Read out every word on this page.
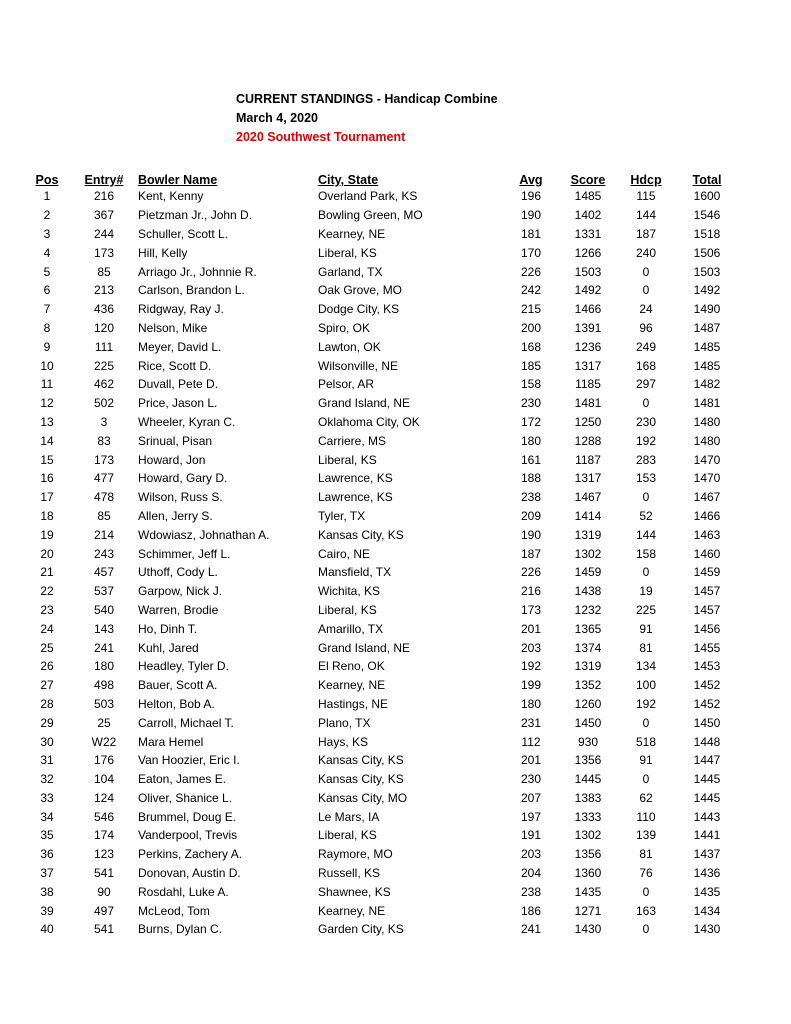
CURRENT STANDINGS - Handicap Combine
March 4, 2020
2020 Southwest Tournament
Pos	Entry#	Bowler Name	City, State	Avg	Score	Hdcp	Total
1	216	Kent, Kenny	Overland Park, KS	196	1485	115	1600
2	367	Pietzman Jr., John D.	Bowling Green, MO	190	1402	144	1546
3	244	Schuller, Scott L.	Kearney, NE	181	1331	187	1518
4	173	Hill, Kelly	Liberal, KS	170	1266	240	1506
5	85	Arriago Jr., Johnnie R.	Garland, TX	226	1503	0	1503
6	213	Carlson, Brandon L.	Oak Grove, MO	242	1492	0	1492
7	436	Ridgway, Ray J.	Dodge City, KS	215	1466	24	1490
8	120	Nelson, Mike	Spiro, OK	200	1391	96	1487
9	111	Meyer, David L.	Lawton, OK	168	1236	249	1485
10	225	Rice, Scott D.	Wilsonville, NE	185	1317	168	1485
11	462	Duvall, Pete D.	Pelsor, AR	158	1185	297	1482
12	502	Price, Jason L.	Grand Island, NE	230	1481	0	1481
13	3	Wheeler, Kyran C.	Oklahoma City, OK	172	1250	230	1480
14	83	Srinual, Pisan	Carriere, MS	180	1288	192	1480
15	173	Howard, Jon	Liberal, KS	161	1187	283	1470
16	477	Howard, Gary D.	Lawrence, KS	188	1317	153	1470
17	478	Wilson, Russ S.	Lawrence, KS	238	1467	0	1467
18	85	Allen, Jerry S.	Tyler, TX	209	1414	52	1466
19	214	Wdowiasz, Johnathan A.	Kansas City, KS	190	1319	144	1463
20	243	Schimmer, Jeff L.	Cairo, NE	187	1302	158	1460
21	457	Uthoff, Cody L.	Mansfield, TX	226	1459	0	1459
22	537	Garpow, Nick J.	Wichita, KS	216	1438	19	1457
23	540	Warren, Brodie	Liberal, KS	173	1232	225	1457
24	143	Ho, Dinh T.	Amarillo, TX	201	1365	91	1456
25	241	Kuhl, Jared	Grand Island, NE	203	1374	81	1455
26	180	Headley, Tyler D.	El Reno, OK	192	1319	134	1453
27	498	Bauer, Scott A.	Kearney, NE	199	1352	100	1452
28	503	Helton, Bob A.	Hastings, NE	180	1260	192	1452
29	25	Carroll, Michael T.	Plano, TX	231	1450	0	1450
30	W22	Mara Hemel	Hays, KS	112	930	518	1448
31	176	Van Hoozier, Eric I.	Kansas City, KS	201	1356	91	1447
32	104	Eaton, James E.	Kansas City, KS	230	1445	0	1445
33	124	Oliver, Shanice L.	Kansas City, MO	207	1383	62	1445
34	546	Brummel, Doug E.	Le Mars, IA	197	1333	110	1443
35	174	Vanderpool, Trevis	Liberal, KS	191	1302	139	1441
36	123	Perkins, Zachery A.	Raymore, MO	203	1356	81	1437
37	541	Donovan, Austin D.	Russell, KS	204	1360	76	1436
38	90	Rosdahl, Luke A.	Shawnee, KS	238	1435	0	1435
39	497	McLeod, Tom	Kearney, NE	186	1271	163	1434
40	541	Burns, Dylan C.	Garden City, KS	241	1430	0	1430
